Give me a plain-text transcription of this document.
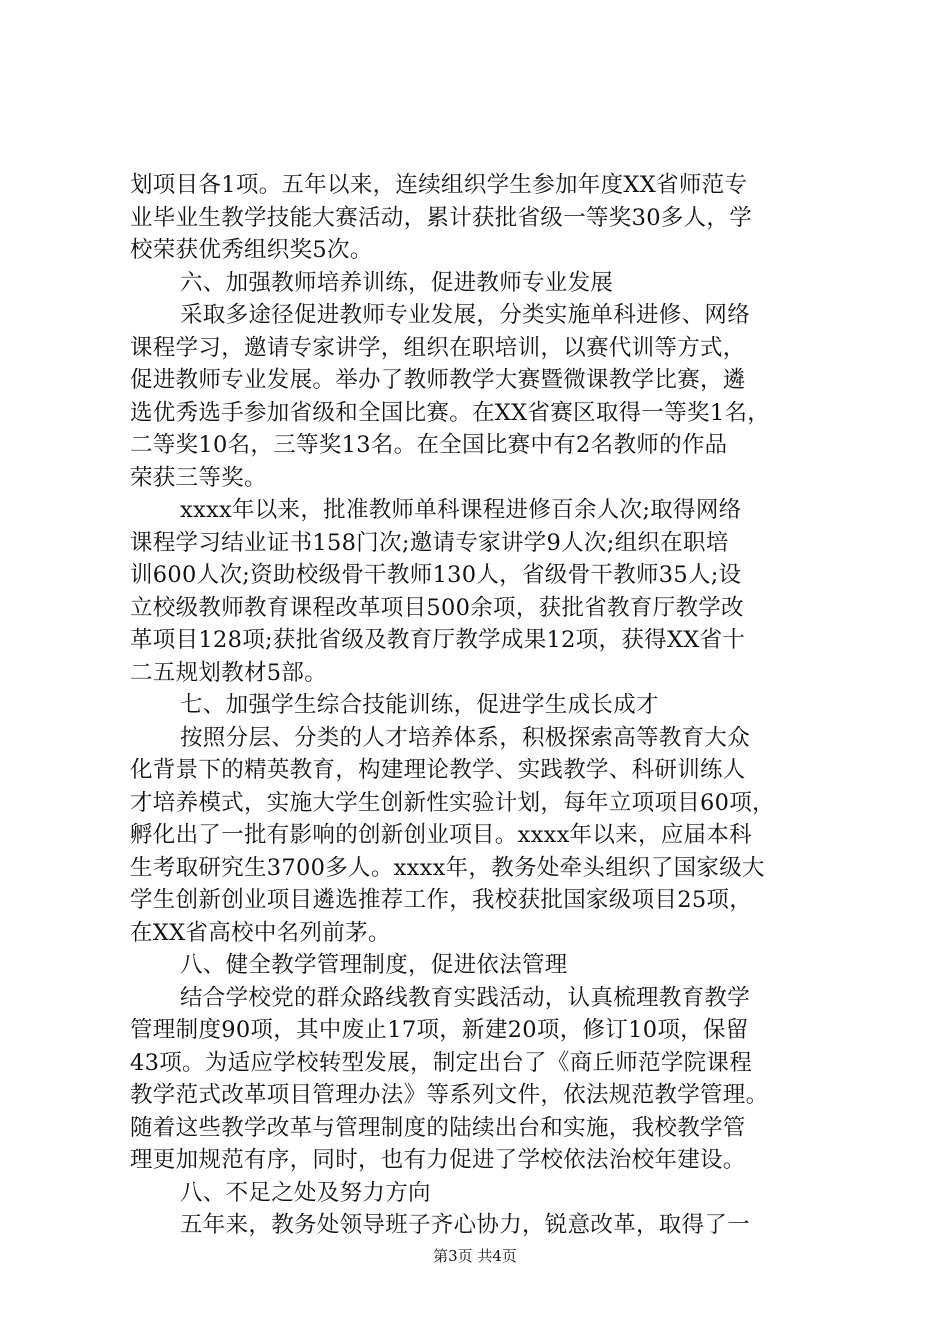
划项目各1项。五年以来，连续组织学生参加年度XX省师范专
业毕业生教学技能大赛活动，累计获批省级一等奖30多人，学
校荣获优秀组织奖5次。
六、加强教师培养训练，促进教师专业发展
采取多途径促进教师专业发展，分类实施单科进修、网络
课程学习，邀请专家讲学，组织在职培训，以赛代训等方式，
促进教师专业发展。举办了教师教学大赛暨微课教学比赛，遴
选优秀选手参加省级和全国比赛。在XX省赛区取得一等奖1名，
二等奖10名，三等奖13名。在全国比赛中有2名教师的作品
荣获三等奖。
xxxx年以来，批准教师单科课程进修百余人次;取得网络
课程学习结业证书158门次;邀请专家讲学9人次;组织在职培
训600人次;资助校级骨干教师130人，省级骨干教师35人;设
立校级教师教育课程改革项目500余项，获批省教育厅教学改
革项目128项;获批省级及教育厅教学成果12项，获得XX省十
二五规划教材5部。
七、加强学生综合技能训练，促进学生成长成才
按照分层、分类的人才培养体系，积极探索高等教育大众
化背景下的精英教育，构建理论教学、实践教学、科研训练人
才培养模式，实施大学生创新性实验计划，每年立项项目60项，
孵化出了一批有影响的创新创业项目。xxxx年以来，应届本科
生考取研究生3700多人。xxxx年，教务处牵头组织了国家级大
学生创新创业项目遴选推荐工作，我校获批国家级项目25项，
在XX省高校中名列前茅。
八、健全教学管理制度，促进依法管理
结合学校党的群众路线教育实践活动，认真梳理教育教学
管理制度90项，其中废止17项，新建20项，修订10项，保留
43项。为适应学校转型发展，制定出台了《商丘师范学院课程
教学范式改革项目管理办法》等系列文件，依法规范教学管理。
随着这些教学改革与管理制度的陆续出台和实施，我校教学管
理更加规范有序，同时，也有力促进了学校依法治校年建设。
八、不足之处及努力方向
五年来，教务处领导班子齐心协力，锐意改革，取得了一
第3页 共4页
